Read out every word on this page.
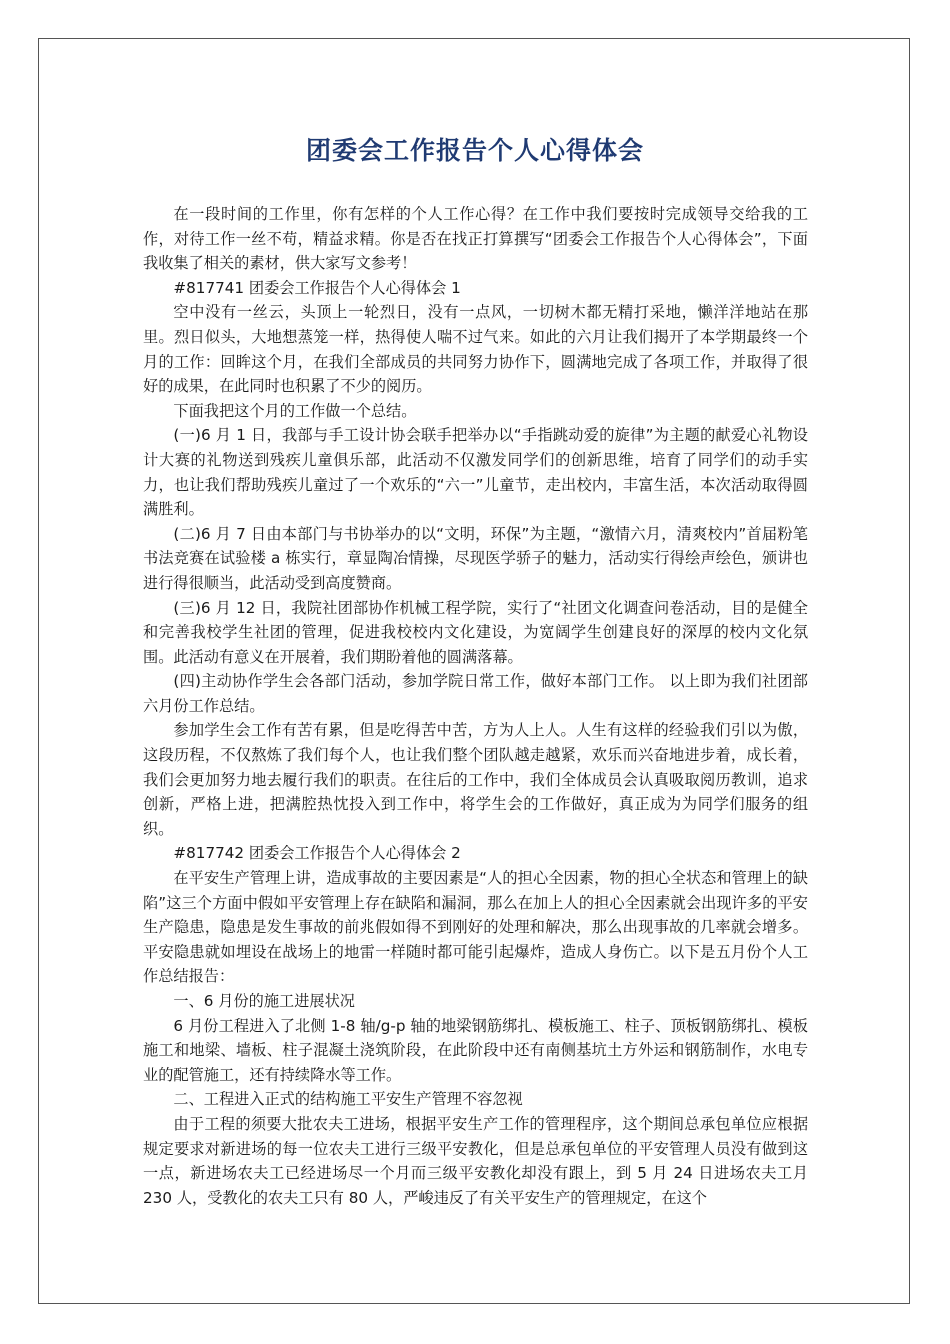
团委会工作报告个人心得体会

在一段时间的工作里，你有怎样的个人工作心得？在工作中我们要按时完成领导交给我的工作，对待工作一丝不苟，精益求精。你是否在找正打算撰写“团委会工作报告个人心得体会”，下面我收集了相关的素材，供大家写文参考！

#817741 团委会工作报告个人心得体会 1

空中没有一丝云，头顶上一轮烈日，没有一点风，一切树木都无精打采地，懒洋洋地站在那里。烈日似头，大地想蒸笼一样，热得使人喘不过气来。如此的六月让我们揭开了本学期最终一个月的工作：回眸这个月，在我们全部成员的共同努力协作下，圆满地完成了各项工作，并取得了很好的成果，在此同时也积累了不少的阅历。

下面我把这个月的工作做一个总结。

(一)6 月 1 日，我部与手工设计协会联手把举办以“手指跳动爱的旋律”为主题的献爱心礼物设计大赛的礼物送到残疾儿童俱乐部，此活动不仅激发同学们的创新思维，培育了同学们的动手实力，也让我们帮助残疾儿童过了一个欢乐的“六一”儿童节，走出校内，丰富生活，本次活动取得圆满胜利。

(二)6 月 7 日由本部门与书协举办的以“文明，环保”为主题，“激情六月，清爽校内”首届粉笔书法竞赛在试验楼 a 栋实行，章显陶冶情操，尽现医学骄子的魅力，活动实行得绘声绘色，颁讲也进行得很顺当，此活动受到高度赞商。

(三)6 月 12 日，我院社团部协作机械工程学院，实行了“社团文化调查问卷活动，目的是健全和完善我校学生社团的管理，促进我校校内文化建设，为宽阔学生创建良好的深厚的校内文化氛围。此活动有意义在开展着，我们期盼着他的圆满落幕。

(四)主动协作学生会各部门活动，参加学院日常工作，做好本部门工作。 以上即为我们社团部六月份工作总结。

参加学生会工作有苦有累，但是吃得苦中苦，方为人上人。人生有这样的经验我们引以为傲，这段历程，不仅熬炼了我们每个人，也让我们整个团队越走越紧，欢乐而兴奋地进步着，成长着，我们会更加努力地去履行我们的职责。在往后的工作中，我们全体成员会认真吸取阅历教训，追求创新，严格上进，把满腔热忱投入到工作中，将学生会的工作做好，真正成为为同学们服务的组织。

#817742 团委会工作报告个人心得体会 2

在平安生产管理上讲，造成事故的主要因素是“人的担心全因素，物的担心全状态和管理上的缺陷”这三个方面中假如平安管理上存在缺陷和漏洞，那么在加上人的担心全因素就会出现许多的平安生产隐患，隐患是发生事故的前兆假如得不到刚好的处理和解决，那么出现事故的几率就会增多。平安隐患就如埋设在战场上的地雷一样随时都可能引起爆炸，造成人身伤亡。以下是五月份个人工作总结报告：

一、6 月份的施工进展状况

6 月份工程进入了北侧 1-8 轴/g-p 轴的地梁钢筋绑扎、模板施工、柱子、顶板钢筋绑扎、模板施工和地梁、墙板、柱子混凝土浇筑阶段，在此阶段中还有南侧基坑土方外运和钢筋制作，水电专业的配管施工，还有持续降水等工作。

二、工程进入正式的结构施工平安生产管理不容忽视

由于工程的须要大批农夫工进场，根据平安生产工作的管理程序，这个期间总承包单位应根据规定要求对新进场的每一位农夫工进行三级平安教化，但是总承包单位的平安管理人员没有做到这一点，新进场农夫工已经进场尽一个月而三级平安教化却没有跟上，到 5 月 24 日进场农夫工月 230 人，受教化的农夫工只有 80 人，严峻违反了有关平安生产的管理规定，在这个
